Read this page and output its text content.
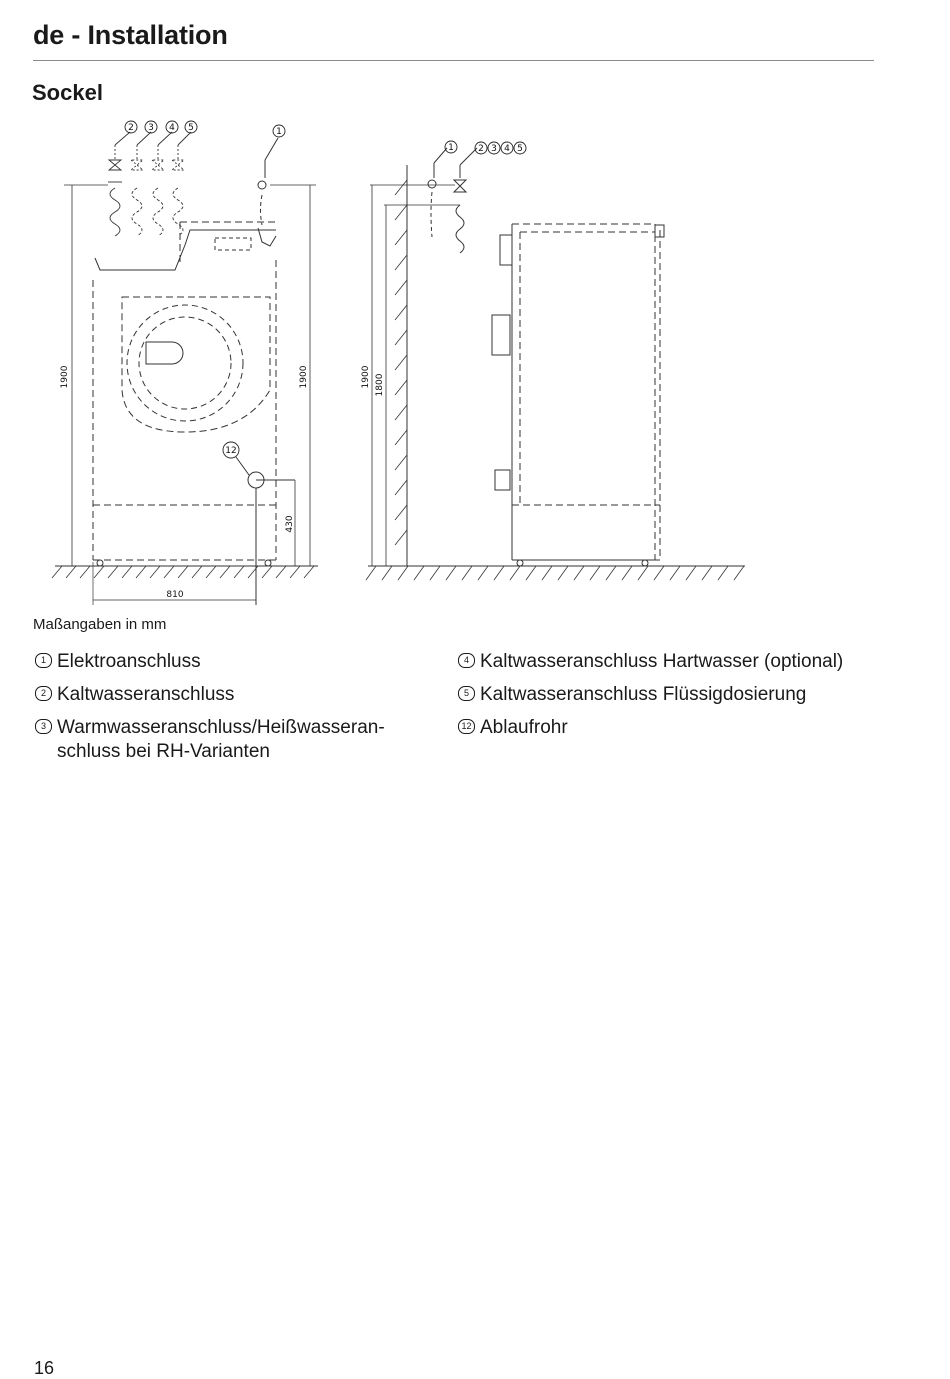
de - Installation
Sockel
2 3 4 5	1
12
1	2 3 4 5
1900	1900
430
810
1900 1800
Maßangaben in mm
1 Elektroanschluss
2 Kaltwasseranschluss
3 Warmwasseranschluss/Heißwasseranschluss bei RH-Varianten
4 Kaltwasseranschluss Hartwasser (optional)
5 Kaltwasseranschluss Flüssigdosierung
12 Ablaufrohr
16
